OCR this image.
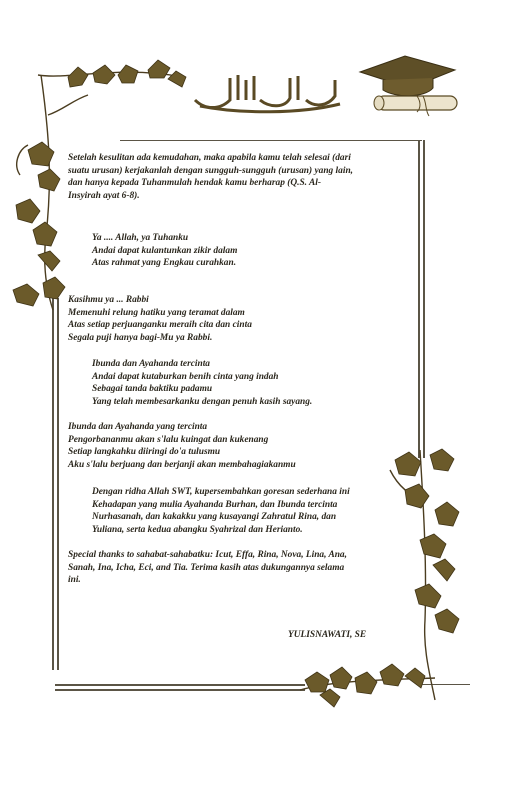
Setelah kesulitan ada kemudahan, maka apabila kamu telah selesai (dari

suatu urusan) kerjakanlah dengan sungguh-sungguh (urusan) yang lain,

dan hanya kepada Tuhanmulah hendak kamu berharap (Q.S. Al-

Insyirah ayat 6-8).

Ya .... Allah, ya Tuhanku

Andai dapat kulantunkan zikir dalam

Atas rahmat yang Engkau curahkan.

Kasihmu ya ... Rabbi

Memenuhi relung hatiku yang teramat dalam

Atas setiap perjuanganku meraih cita dan cinta

Segala puji hanya bagi-Mu ya Rabbi.

Ibunda dan Ayahanda tercinta

Andai dapat kutaburkan benih cinta yang indah

Sebagai tanda baktiku padamu

Yang telah membesarkanku dengan penuh kasih sayang.

Ibunda dan Ayahanda yang tercinta

Pengorbananmu akan s'lalu kuingat dan kukenang

Setiap langkahku diiringi do'a tulusmu

Aku s'lalu berjuang dan berjanji akan membahagiakanmu

Dengan ridha Allah SWT, kupersembahkan goresan sederhana ini

Kehadapan yang mulia Ayahanda Burhan, dan Ibunda tercinta

Nurhasanah, dan kakakku yang kusayangi Zahratul Rina, dan

Yuliana, serta kedua abangku Syahrizal dan Herianto.

Special thanks to sahabat-sahabatku: Icut, Effa, Rina, Nova, Lina, Ana,

Sanah, Ina, Icha, Eci, and Tia. Terima kasih atas dukungannya selama

ini.

YULISNAWATI, SE
